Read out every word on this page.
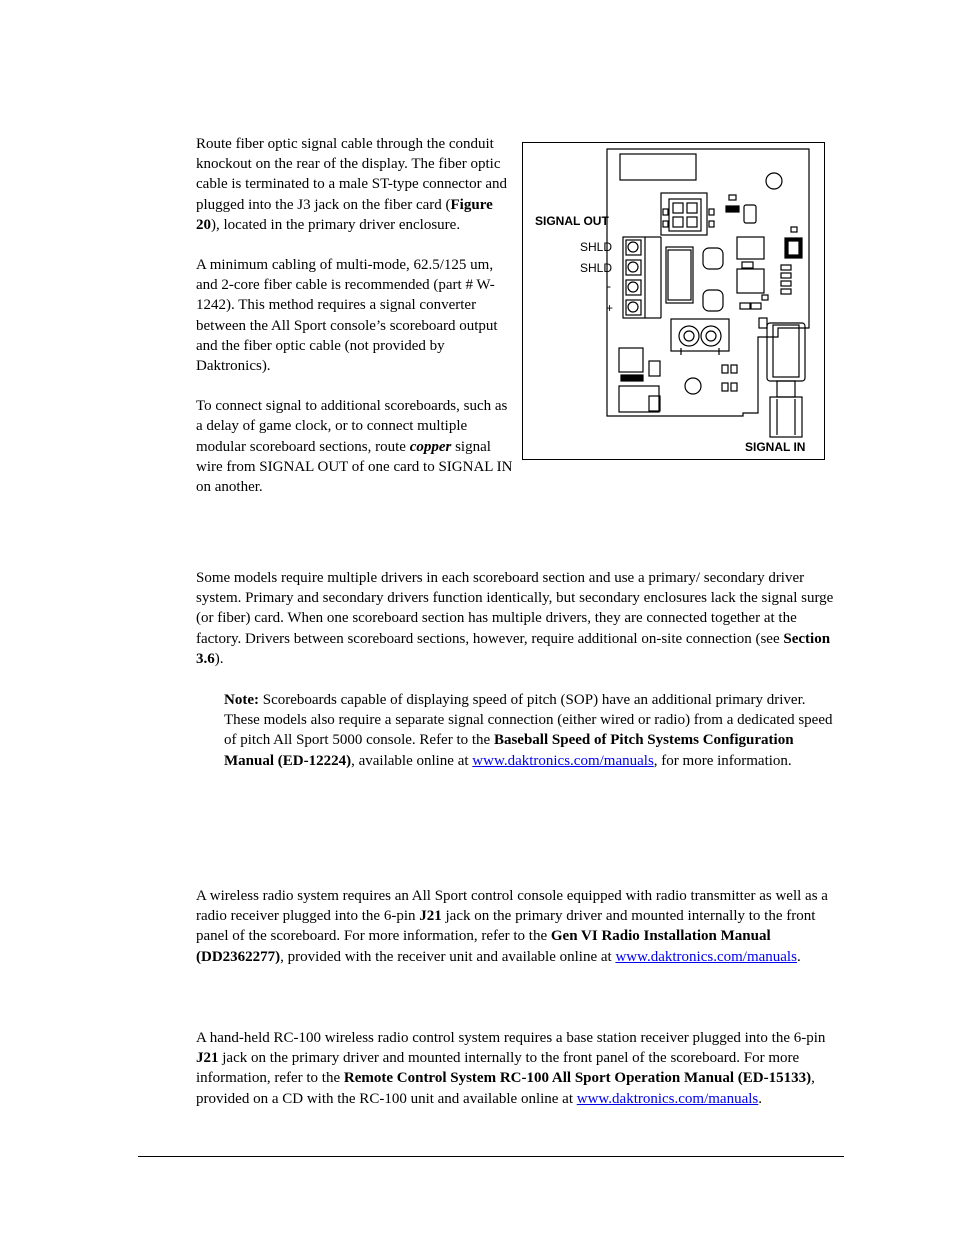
Route fiber optic signal cable through the conduit knockout on the rear of the display. The fiber optic cable is terminated to a male ST-type connector and plugged into the J3 jack on the fiber card (Figure 20), located in the primary driver enclosure.

A minimum cabling of multi-mode, 62.5/125 um, and 2-core fiber cable is recommended (part # W-1242). This method requires a signal converter between the All Sport console’s scoreboard output and the fiber optic cable (not provided by Daktronics).

To connect signal to additional scoreboards, such as a delay of game clock, or to connect multiple modular scoreboard sections, route copper signal wire from SIGNAL OUT of one card to SIGNAL IN on another.

SIGNAL OUT
SHLD
SHLD
-
+
SIGNAL IN

Some models require multiple drivers in each scoreboard section and use a primary/ secondary driver system. Primary and secondary drivers function identically, but secondary enclosures lack the signal surge (or fiber) card. When one scoreboard section has multiple drivers, they are connected together at the factory. Drivers between scoreboard sections, however, require additional on-site connection (see Section 3.6).

Note: Scoreboards capable of displaying speed of pitch (SOP) have an additional primary driver. These models also require a separate signal connection (either wired or radio) from a dedicated speed of pitch All Sport 5000 console. Refer to the Baseball Speed of Pitch Systems Configuration Manual (ED-12224), available online at www.daktronics.com/manuals, for more information.

A wireless radio system requires an All Sport control console equipped with radio transmitter as well as a radio receiver plugged into the 6-pin J21 jack on the primary driver and mounted internally to the front panel of the scoreboard. For more information, refer to the Gen VI Radio Installation Manual (DD2362277), provided with the receiver unit and available online at www.daktronics.com/manuals.

A hand-held RC-100 wireless radio control system requires a base station receiver plugged into the 6-pin J21 jack on the primary driver and mounted internally to the front panel of the scoreboard. For more information, refer to the Remote Control System RC-100 All Sport Operation Manual (ED-15133), provided on a CD with the RC-100 unit and available online at www.daktronics.com/manuals.
